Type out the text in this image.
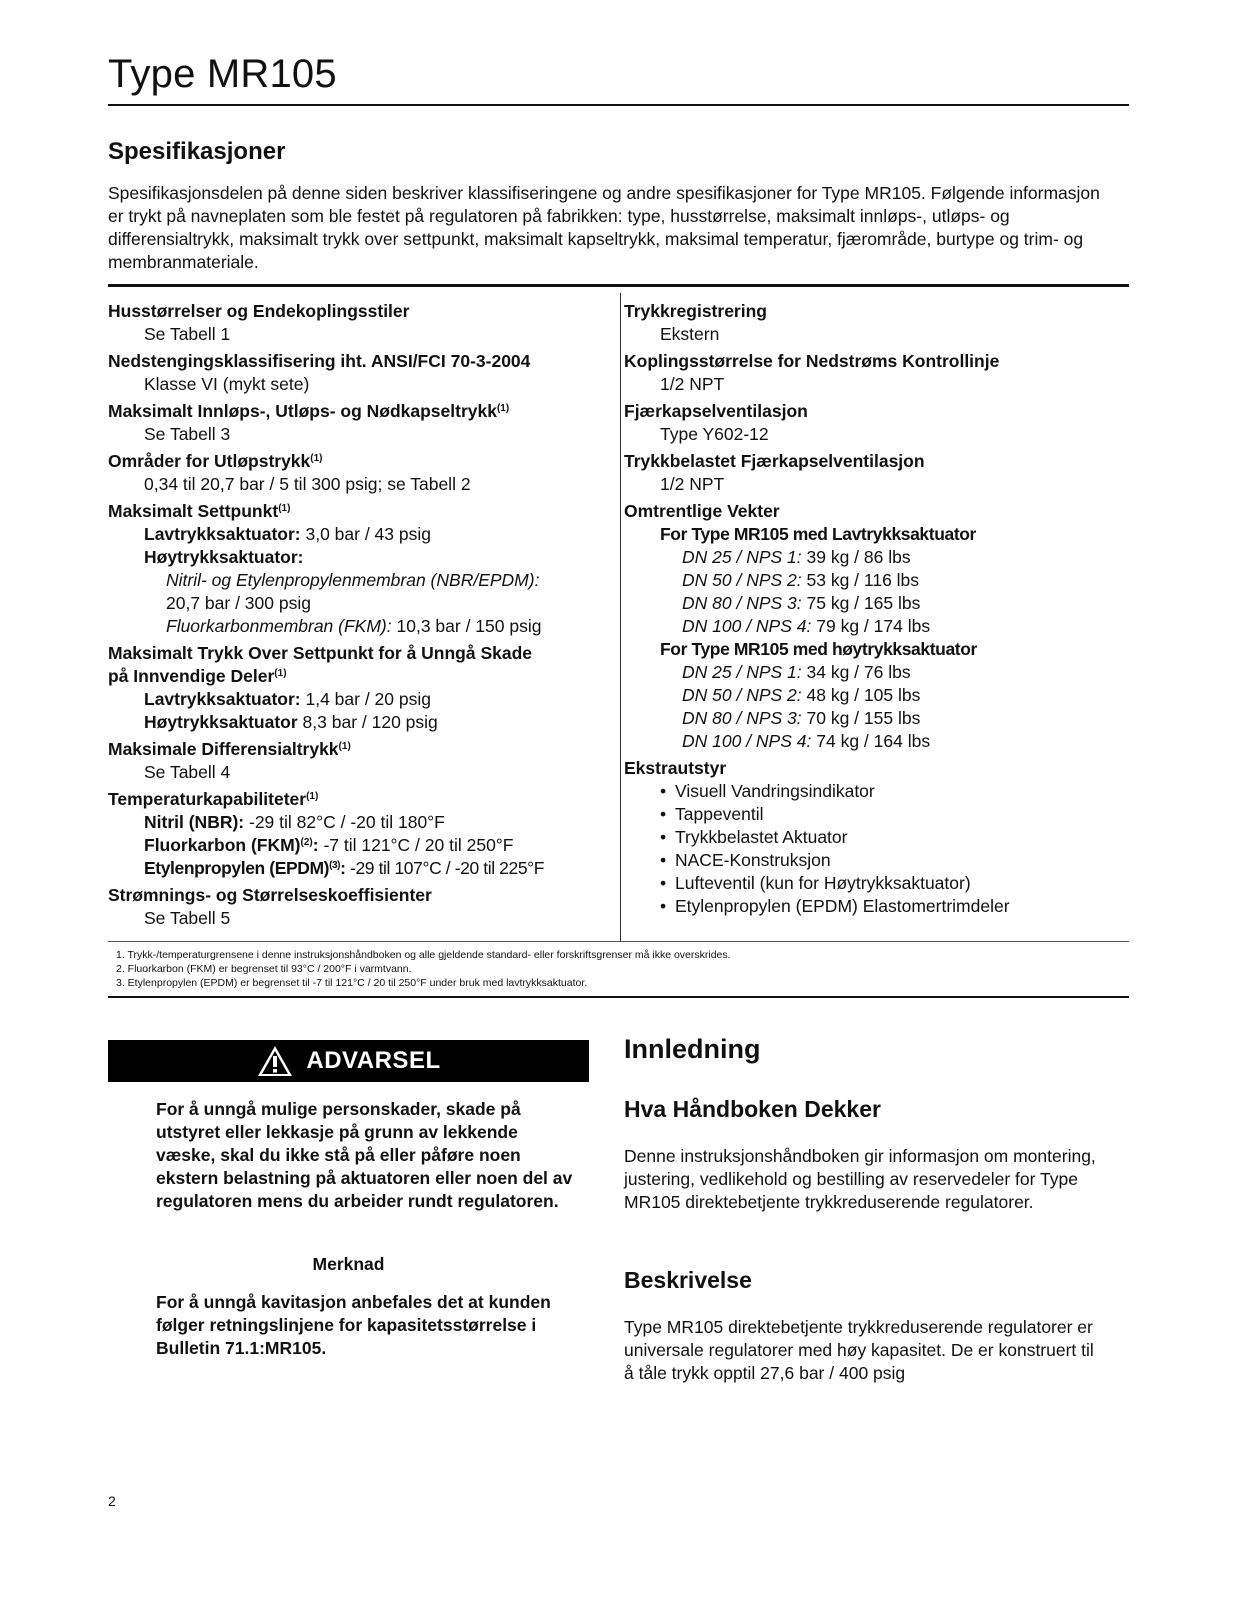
Type MR105
Spesifikasjoner

Spesifikasjonsdelen på denne siden beskriver klassifiseringene og andre spesifikasjoner for Type MR105. Følgende informasjon er trykt på navneplaten som ble festet på regulatoren på fabrikken: type, husstørrelse, maksimalt innløps-, utløps- og differensialtrykk, maksimalt trykk over settpunkt, maksimalt kapseltrykk, maksimal temperatur, fjærområde, burtype og trim- og membranmateriale.

Husstørrelser og Endekoplingsstiler
Se Tabell 1
Nedstengingsklassifisering iht. ANSI/FCI 70-3-2004
Klasse VI (mykt sete)
Maksimalt Innløps-, Utløps- og Nødkapseltrykk$^{(1)}$
Se Tabell 3
Områder for Utløpstrykk$^{(1)}$
0,34 til 20,7 bar / 5 til 300 psig; se Tabell 2
Maksimalt Settpunkt$^{(1)}$
Lavtrykksaktuator: 3,0 bar / 43 psig
Høytrykksaktuator:
Nitril- og Etylenpropylenmembran (NBR/EPDM):
20,7 bar / 300 psig
Fluorkarbonmembran (FKM): 10,3 bar / 150 psig
Maksimalt Trykk Over Settpunkt for å Unngå Skade
på Innvendige Deler$^{(1)}$
Lavtrykksaktuator: 1,4 bar / 20 psig
Høytrykksaktuator 8,3 bar / 120 psig
Maksimale Differensialtrykk$^{(1)}$
Se Tabell 4
Temperaturkapabiliteter$^{(1)}$
Nitril (NBR): -29 til 82°C / -20 til 180°F
Fluorkarbon (FKM)$^{(2)}$: -7 til 121°C / 20 til 250°F
Etylenpropylen (EPDM)$^{(3)}$: -29 til 107°C / -20 til 225°F
Strømnings- og Størrelseskoeffisienter
Se Tabell 5
Trykkregistrering
Ekstern
Koplingsstørrelse for Nedstrøms Kontrollinje
1/2 NPT
Fjærkapselventilasjon
Type Y602-12
Trykkbelastet Fjærkapselventilasjon
1/2 NPT
Omtrentlige Vekter
For Type MR105 med Lavtrykksaktuator
DN 25 / NPS 1: 39 kg / 86 lbs
DN 50 / NPS 2: 53 kg / 116 lbs
DN 80 / NPS 3: 75 kg / 165 lbs
DN 100 / NPS 4: 79 kg / 174 lbs
For Type MR105 med høytrykksaktuator
DN 25 / NPS 1: 34 kg / 76 lbs
DN 50 / NPS 2: 48 kg / 105 lbs
DN 80 / NPS 3: 70 kg / 155 lbs
DN 100 / NPS 4: 74 kg / 164 lbs
Ekstrautstyr
• Visuell Vandringsindikator
• Tappeventil
• Trykkbelastet Aktuator
• NACE-Konstruksjon
• Lufteventil (kun for Høytrykksaktuator)
• Etylenpropylen (EPDM) Elastomertrimdeler
1. Trykk-/temperaturgrensene i denne instruksjonshåndboken og alle gjeldende standard- eller forskriftsgrenser må ikke overskrides.
2. Fluorkarbon (FKM) er begrenset til 93°C / 200°F i varmtvann.
3. Etylenpropylen (EPDM) er begrenset til -7 til 121°C / 20 til 250°F under bruk med lavtrykksaktuator.
ADVARSEL

For å unngå mulige personskader, skade på utstyret eller lekkasje på grunn av lekkende væske, skal du ikke stå på eller påføre noen ekstern belastning på aktuatoren eller noen del av regulatoren mens du arbeider rundt regulatoren.

Merknad

For å unngå kavitasjon anbefales det at kunden følger retningslinjene for kapasitetsstørrelse i Bulletin 71.1:MR105.

Innledning
Hva Håndboken Dekker

Denne instruksjonshåndboken gir informasjon om montering, justering, vedlikehold og bestilling av reservedeler for Type MR105 direktebetjente trykkreduserende regulatorer.

Beskrivelse

Type MR105 direktebetjente trykkreduserende regulatorer er universale regulatorer med høy kapasitet. De er konstruert til å tåle trykk opptil 27,6 bar / 400 psig

2
